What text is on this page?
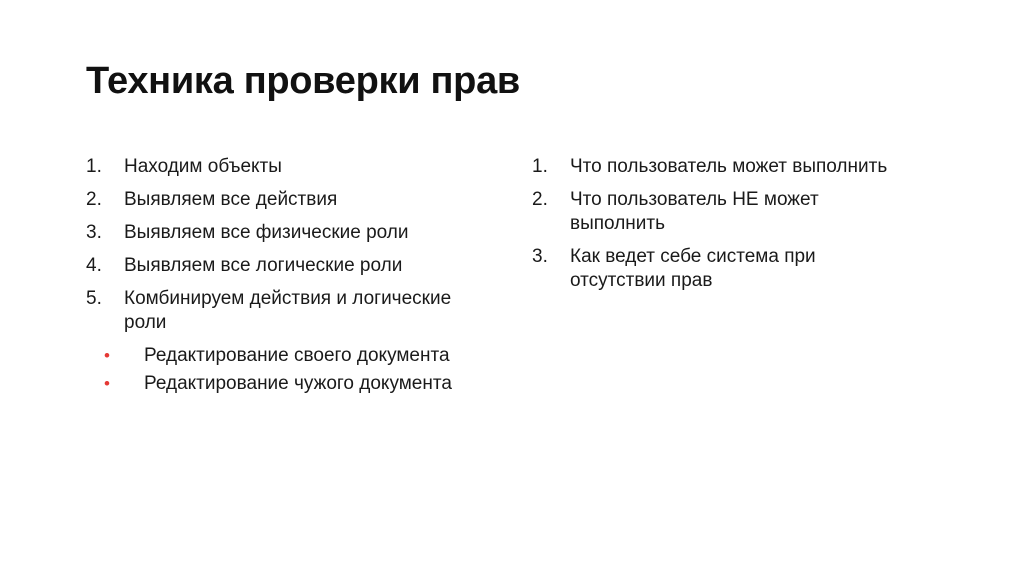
Техника проверки прав
1. Находим объекты
2. Выявляем все действия
3. Выявляем все физические роли
4. Выявляем все логические роли
5. Комбинируем действия и логические роли
• Редактирование своего документа
• Редактирование чужого документа
1. Что пользователь может выполнить
2. Что пользователь НЕ может выполнить
3. Как ведет себе система при отсутствии прав
